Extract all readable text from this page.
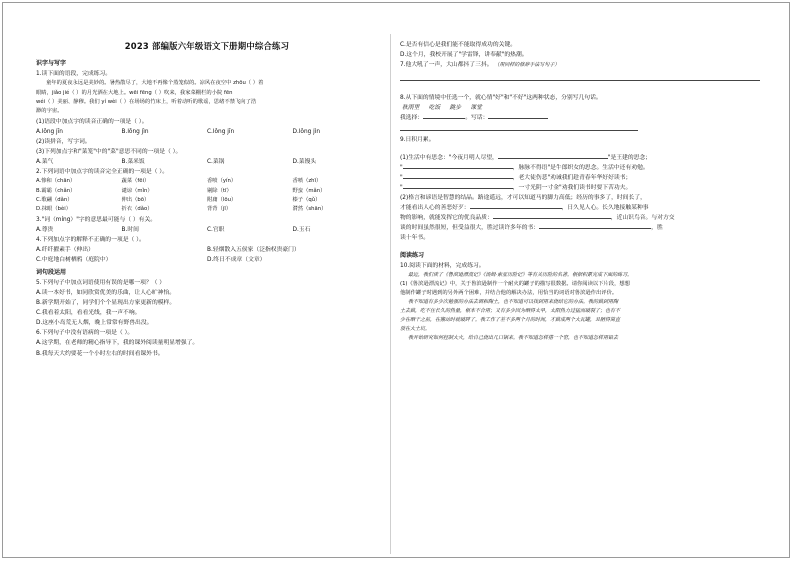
2023 部编版六年级语文下册期中综合练习
识字与写字
1.读下面的语段，完成练习。
童年的夏夜永远是美妙的。暑热散尽了，大地不再像个蒸笼似的。凉风在夜空中 zhōu（ ）着
眼睛，jiǎo jié（ ）的月光洒在大地上。wēi fēng（ ）吹来，我家菜棚栏的小院 fēn
wéi（ ）美丽、静穆。我们 yí wèi（ ）在场场的竹床上，听着动听的歌谣，思绪不禁飞向了浩
渺的宇宙。
(1)语段中加点字的读音正确的一项是（ ）。
A.lōng jīn	B.lōng jìn	C.lǒng jīn	D.lǒng jìn
(2)读拼音，写字词。
(3)下列加点字和"菜笼"中的"菜"意思不同的一项是（ ）。
A.菜气	B.菜米饭	C.菜锅	D.菜馒头
2.下列词语中加点字的读音完全正确的一项是（ ）。
A.惨和（chān）	蔬菜（fēi）	香喷（yín）	香喷（zhī）
B.霸霸（chǎn）	谴谅（mǐn）	剔除（tī）	野蛮（mǎn）
C.歌翩（dǎn）	伸出（bō）	附庸（lōu）	榛子（qǔ）
D.抹眼（bèi）	折衣（dǎo）	背背（jī）	潸然（shān）
3."词（míng）"字的意思最可能与（ ）有关。
A.尊贵	B.时间	C.官职	D.玉石
4.下列加点字的解释不正确的一项是（ ）。
A.纤纤擢素手（伸出）	B.轻烟散入五侯家（泛指权贵豪门）
C.中庭地白树栖鸦（庭院中）	D.终日不成章（文章）
词句段运用
5.下列句子中加点词语使用有误的是哪一项？（ ）
A.读一本好书，如同欣赏优美的乐曲，让人心旷神怡。
B.新学期开始了，同学们个个显现出方家更新的模样。
C.我看着太阳，看看光线，我一声不响。
D.这座小岛荒无人烟，晚上常常有野兽出没。
6.下列句子中没有语病的一项是（ ）。
A.这学期，在老师的精心指导下，我的课外阅读量明显增强了。
B.我每天大约要花一个小时左右的时间看课外书。
C.是否有信心是我们能不能取得成功的关键。
D.这个月，我校开展了"学雷锋，讲奉献"的热潮。
7.他大吼了一声，大山都抖了三抖。 （用同样的修辞手法写句子）
8.从下面的情境中任选一个，就心情"好"和"不好"这两种状态，分别写几句话。
秋雨里 吃饭 跳步 课堂
我选择：	。写话：
9.日积月累。
(1)生活中有思念："今夜月明人尽望，	"是王建的思念；
"	，脉脉不得语"是牛郎织女的思念。生活中还有劝勉。
"	，老大徒伤悲"劝诫我们趁青春年华好好读书；
"	，一寸光阴一寸金"劝我们读书时要下苦功夫。
(2)格言和谚语是智慧的结晶。路途遥远，才可以知道马的脚力高低；经历的事多了，时间长了，
才能看出人心的善恶好歹：	，日久见人心。长久地接触某种事
物的影响，就能发挥它的优良品质：	，近山识鸟音。与对方交
谈的时间虽然很短，但受益很大，胜过读许多年的书：	，胜
读十年书。
阅读练习
10.阅读下面的材料，完成练习。
最近，我们读了《鲁滨逊漂流记》《汤姆·索亚历险记》等有关历险的名著。根据积累完成下面的练习。
(1)《鲁滨逊漂流记》中，关于鲁滨逊制作一个耐火的罐子的描写很数据。请你阅读以下片段，想想
他制作罐子时遇到的另外两个困难，并结合他的解决办法，用恰当的词语对鲁滨逊作出评价。
我不知道有多少次勉强的办法去调和陶土，也不知道可以找到用来烧结它的办法。我的做到用陶
土去做，吃不住长久的热量，根本不合用；又有多少因为晒得太早，太阳热力过猛而破裂了；也有不
少在晒干之前，在搬动时就破碎了。我工作了差不多两个月的时间，才做成两个大瓦罐，丑陋得简直
放在大土坑。
我开始研究如何控制大火，给自己烧出几口锅来。我不知道怎样搭一个窑，也不知道怎样用铅去
